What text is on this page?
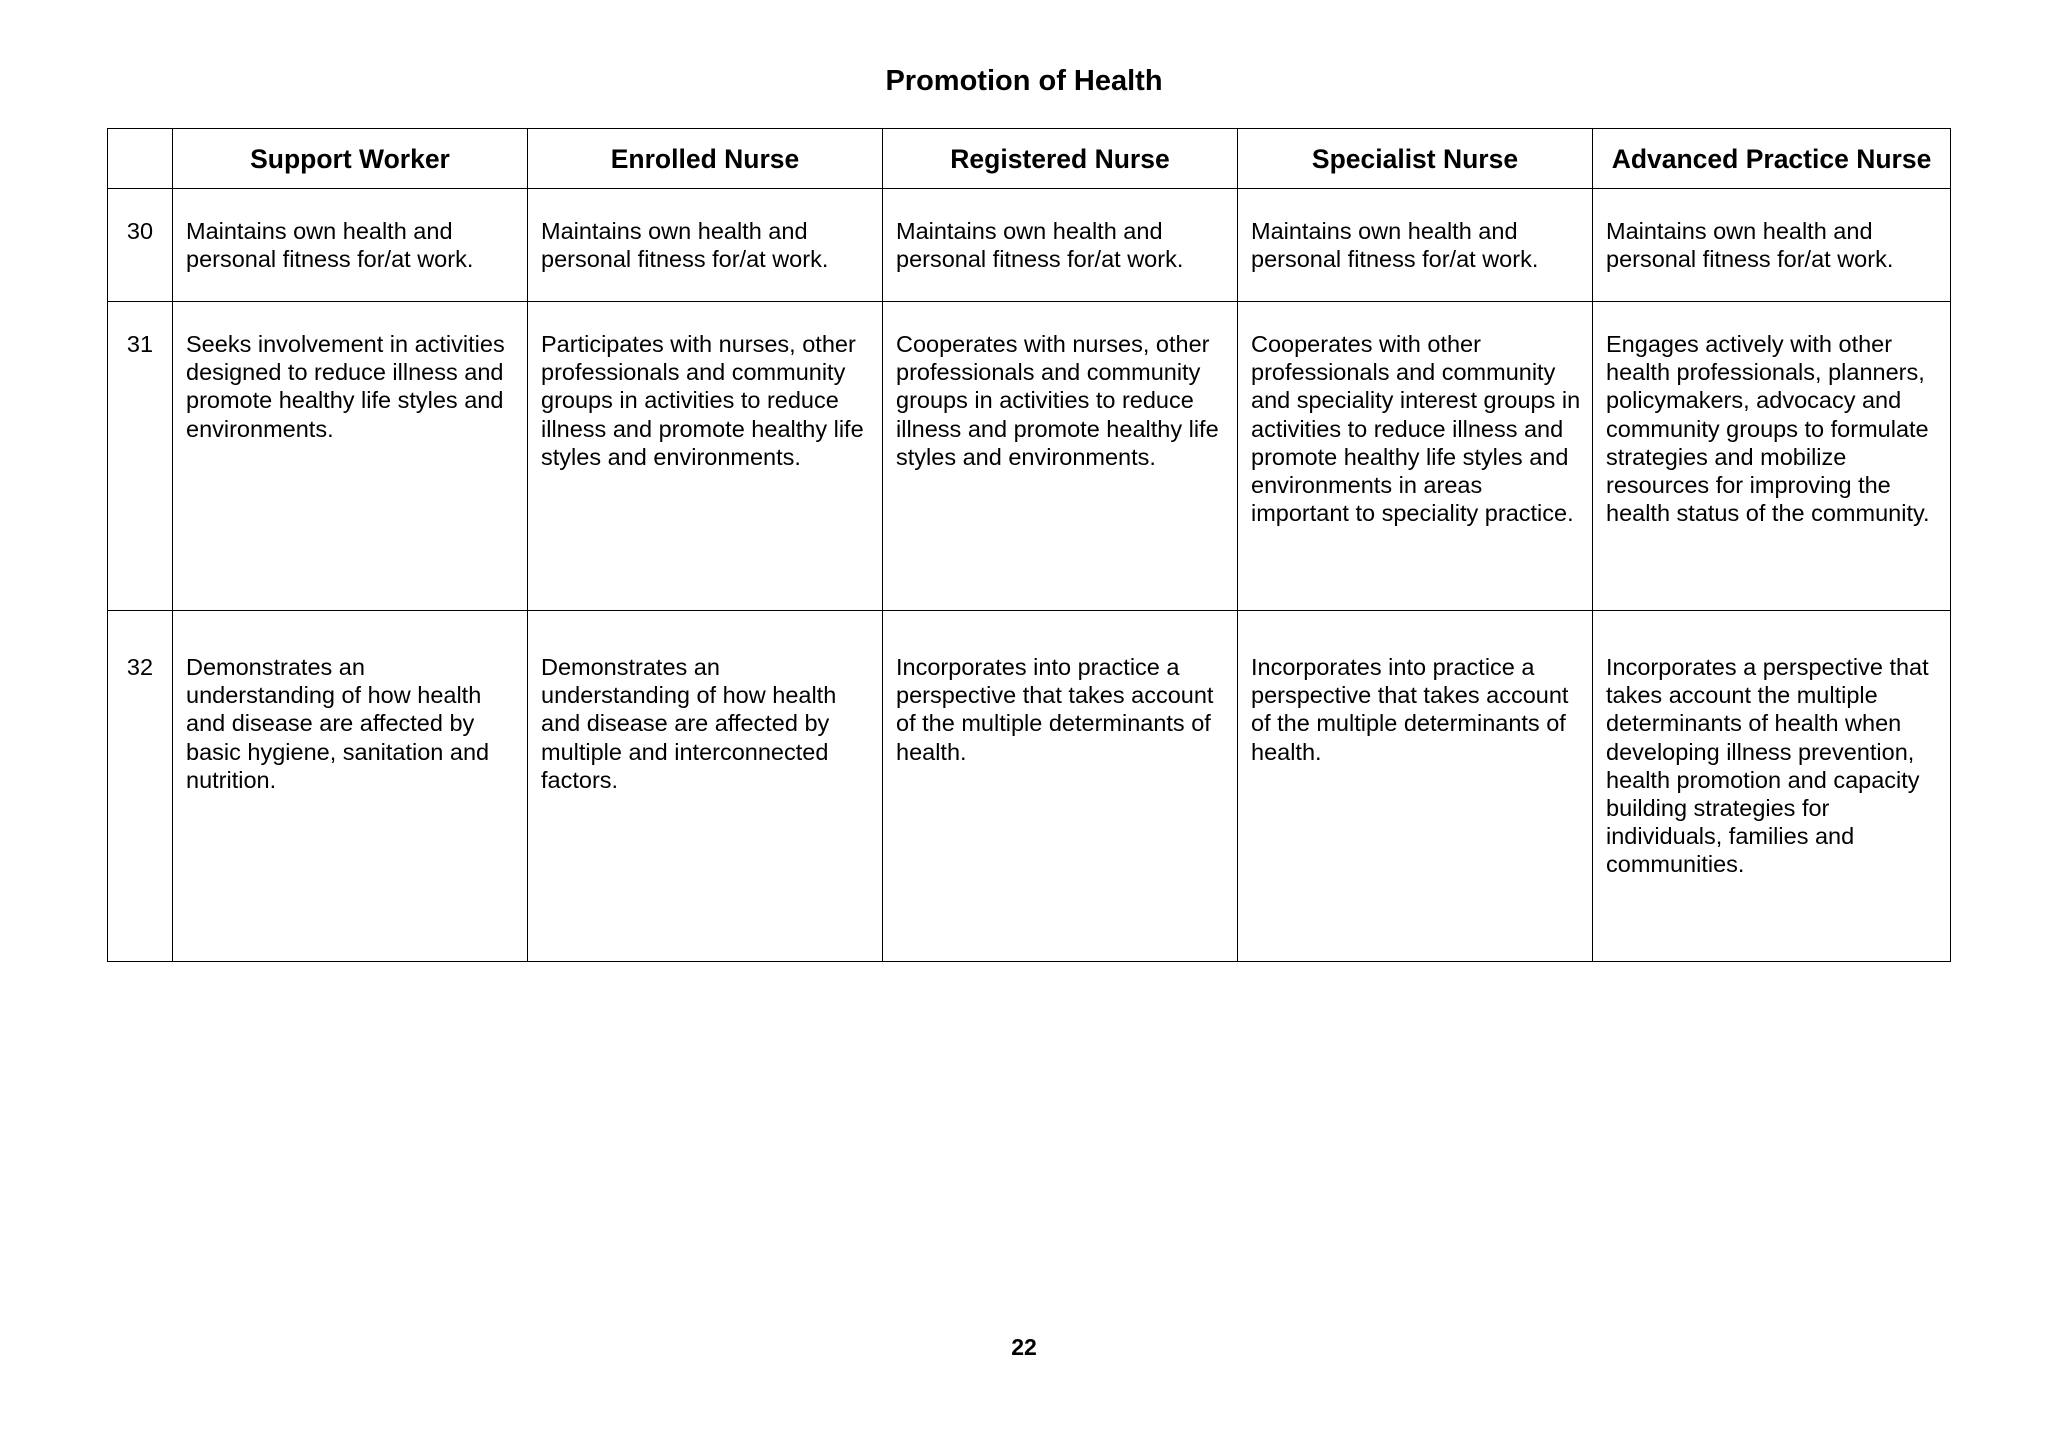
Promotion of Health
	Support Worker	Enrolled Nurse	Registered Nurse	Specialist Nurse	Advanced Practice Nurse
30	Maintains own health and personal fitness for/at work.	Maintains own health and personal fitness for/at work.	Maintains own health and personal fitness for/at work.	Maintains own health and personal fitness for/at work.	Maintains own health and personal fitness for/at work.
31	Seeks involvement in activities designed to reduce illness and promote healthy life styles and environments.	Participates with nurses, other professionals and community groups in activities to reduce illness and promote healthy life styles and environments.	Cooperates with nurses, other professionals and community groups in activities to reduce illness and promote healthy life styles and environments.	Cooperates with other professionals and community and speciality interest groups in activities to reduce illness and promote healthy life styles and environments in areas important to speciality practice.	Engages actively with other health professionals, planners, policymakers, advocacy and community groups to formulate strategies and mobilize resources for improving the health status of the community.
32	Demonstrates an understanding of how health and disease are affected by basic hygiene, sanitation and nutrition.	Demonstrates an understanding of how health and disease are affected by multiple and interconnected factors.	Incorporates into practice a perspective that takes account of the multiple determinants of health.	Incorporates into practice a perspective that takes account of the multiple determinants of health.	Incorporates a perspective that takes account the multiple determinants of health when developing illness prevention, health promotion and capacity building strategies for individuals, families and communities.
22
